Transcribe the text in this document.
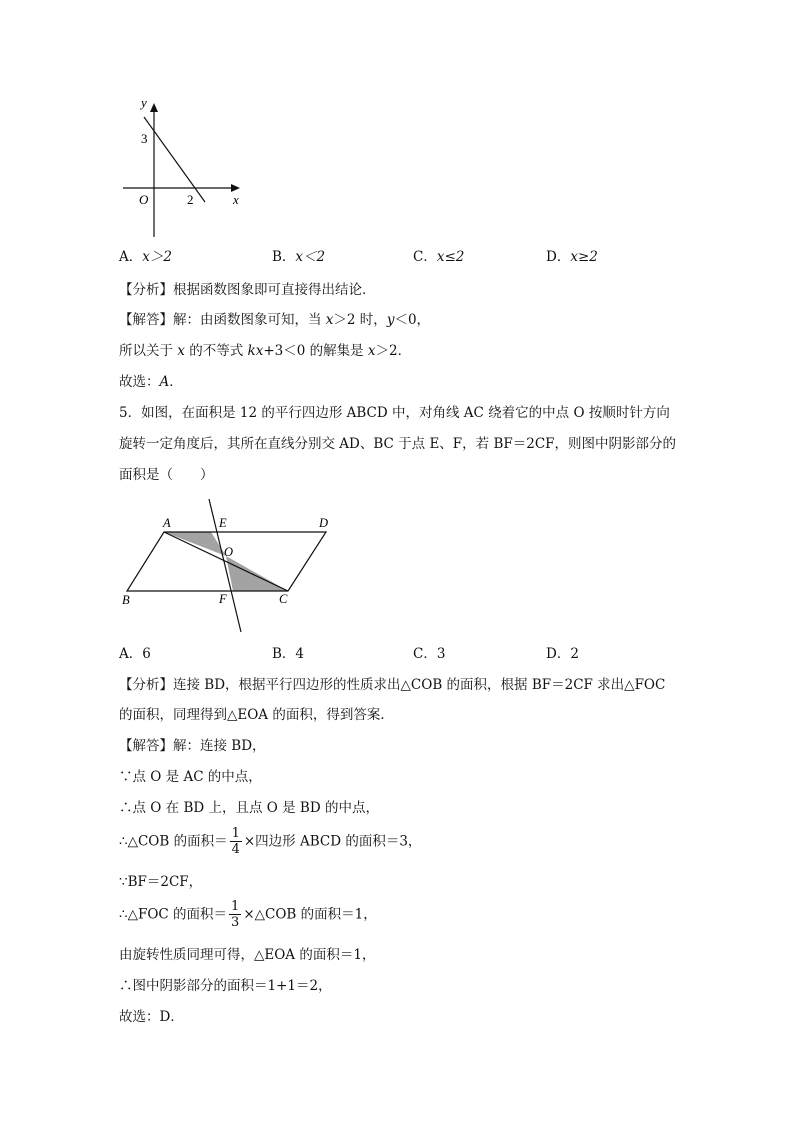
y
3
O	2	x
A．x＞2	B．x＜2	C．x≤2	D．x≥2
【分析】根据函数图象即可直接得出结论．
【解答】解：由函数图象可知，当 x＞2 时，y＜0，
所以关于 x 的不等式 kx+3＜0 的解集是 x＞2．
故选：A．
5．如图，在面积是 12 的平行四边形 ABCD 中，对角线 AC 绕着它的中点 O 按顺时针方向
旋转一定角度后，其所在直线分别交 AD、BC 于点 E、F，若 BF＝2CF，则图中阴影部分的
面积是（　　）
A	E	D
O
B	F	C
A．6	B．4	C．3	D．2
【分析】连接 BD，根据平行四边形的性质求出△COB 的面积，根据 BF＝2CF 求出△FOC
的面积，同理得到△EOA 的面积，得到答案．
【解答】解：连接 BD，
∵点 O 是 AC 的中点，
∴点 O 在 BD 上，且点 O 是 BD 的中点，
∴△COB 的面积＝ $\frac{1}{4}$ ×四边形 ABCD 的面积＝3，
∵BF＝2CF，
∴△FOC 的面积＝ $\frac{1}{3}$ ×△COB 的面积＝1，
由旋转性质同理可得，△EOA 的面积＝1，
∴图中阴影部分的面积＝1+1＝2，
故选：D．
